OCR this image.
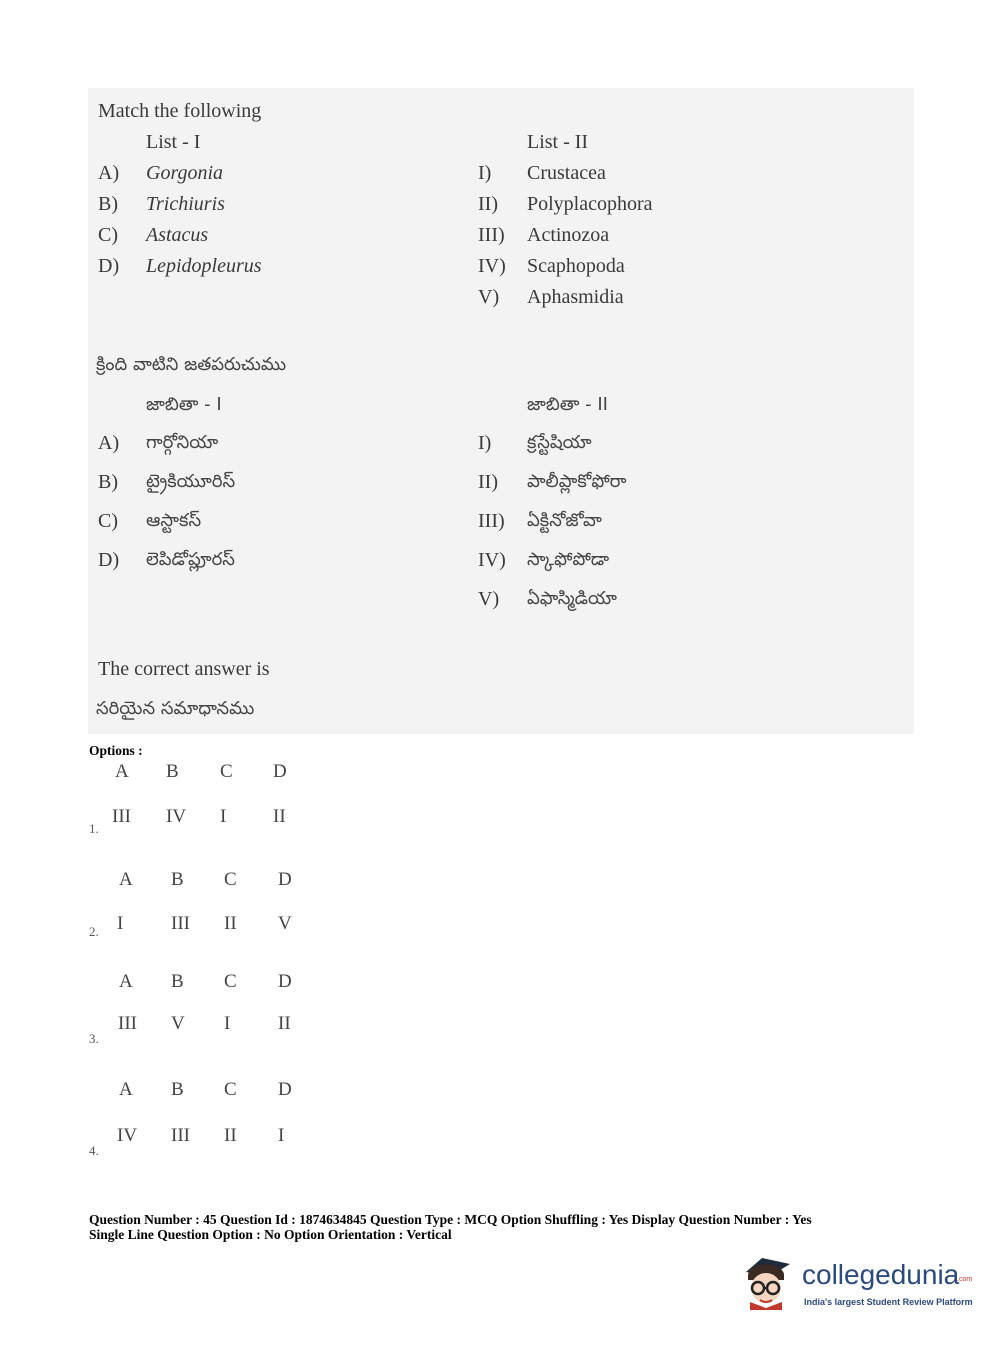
Match the following
List - I	List - II
A) Gorgonia
B) Trichiuris
C) Astacus
D) Lepidopleurus
I) Crustacea
II) Polyplacophora
III) Actinozoa
IV) Scaphopoda
V) Aphasmidia
క్రింది వాటిని జతపరుచుము
జాబితా - I	జాబితా - II
A) గార్గోనియా
B) ట్రైకియూరిస్
C) ఆస్టాకస్
D) లెపిడోప్లూరస్
I) క్రస్టేషియా
II) పాలీప్లాకోఫోరా
III) ఏక్టినోజోవా
IV) స్కాఫోపోడా
V) ఏఫాస్మిడియా
The correct answer is
సరియైన సమాధానము
Options :
A B C D
III IV I II
1.
A B C D
I	III II V
2.
A B C D
III V I	II
3.
A B C D
IV III II I
4.
Question Number : 45 Question Id : 1874634845 Question Type : MCQ Option Shuffling : Yes Display Question Number : Yes
Single Line Question Option : No Option Orientation : Vertical
collegedunia
.com
India's largest Student Review Platform
